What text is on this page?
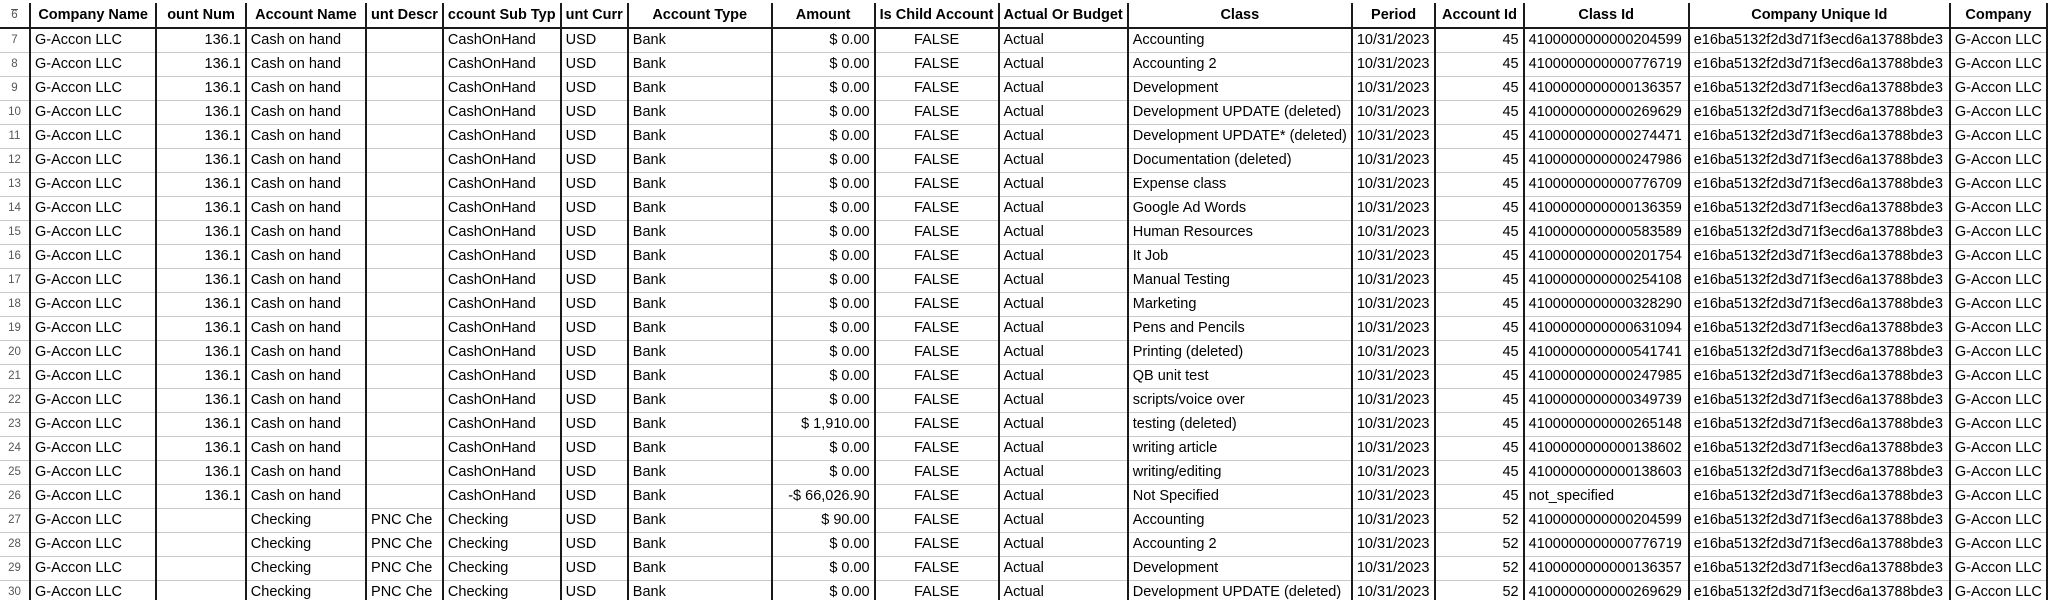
6	Company Name	ount Num	Account Name	unt Descr	ccount Sub Typ	unt Curr	Account Type	Amount	Is Child Account	Actual Or Budget	Class	Period	Account Id	Class Id	Company Unique Id	Company
7	G-Accon LLC	136.1	Cash on hand		CashOnHand	USD	Bank	$ 0.00	FALSE	Actual	Accounting	10/31/2023	45	4100000000000204599	e16ba5132f2d3d71f3ecd6a13788bde3	G-Accon LLC
8	G-Accon LLC	136.1	Cash on hand		CashOnHand	USD	Bank	$ 0.00	FALSE	Actual	Accounting 2	10/31/2023	45	4100000000000776719	e16ba5132f2d3d71f3ecd6a13788bde3	G-Accon LLC
9	G-Accon LLC	136.1	Cash on hand		CashOnHand	USD	Bank	$ 0.00	FALSE	Actual	Development	10/31/2023	45	4100000000000136357	e16ba5132f2d3d71f3ecd6a13788bde3	G-Accon LLC
10	G-Accon LLC	136.1	Cash on hand		CashOnHand	USD	Bank	$ 0.00	FALSE	Actual	Development UPDATE (deleted)	10/31/2023	45	4100000000000269629	e16ba5132f2d3d71f3ecd6a13788bde3	G-Accon LLC
11	G-Accon LLC	136.1	Cash on hand		CashOnHand	USD	Bank	$ 0.00	FALSE	Actual	Development UPDATE* (deleted)	10/31/2023	45	4100000000000274471	e16ba5132f2d3d71f3ecd6a13788bde3	G-Accon LLC
12	G-Accon LLC	136.1	Cash on hand		CashOnHand	USD	Bank	$ 0.00	FALSE	Actual	Documentation (deleted)	10/31/2023	45	4100000000000247986	e16ba5132f2d3d71f3ecd6a13788bde3	G-Accon LLC
13	G-Accon LLC	136.1	Cash on hand		CashOnHand	USD	Bank	$ 0.00	FALSE	Actual	Expense class	10/31/2023	45	4100000000000776709	e16ba5132f2d3d71f3ecd6a13788bde3	G-Accon LLC
14	G-Accon LLC	136.1	Cash on hand		CashOnHand	USD	Bank	$ 0.00	FALSE	Actual	Google Ad Words	10/31/2023	45	4100000000000136359	e16ba5132f2d3d71f3ecd6a13788bde3	G-Accon LLC
15	G-Accon LLC	136.1	Cash on hand		CashOnHand	USD	Bank	$ 0.00	FALSE	Actual	Human Resources	10/31/2023	45	4100000000000583589	e16ba5132f2d3d71f3ecd6a13788bde3	G-Accon LLC
16	G-Accon LLC	136.1	Cash on hand		CashOnHand	USD	Bank	$ 0.00	FALSE	Actual	It Job	10/31/2023	45	4100000000000201754	e16ba5132f2d3d71f3ecd6a13788bde3	G-Accon LLC
17	G-Accon LLC	136.1	Cash on hand		CashOnHand	USD	Bank	$ 0.00	FALSE	Actual	Manual Testing	10/31/2023	45	4100000000000254108	e16ba5132f2d3d71f3ecd6a13788bde3	G-Accon LLC
18	G-Accon LLC	136.1	Cash on hand		CashOnHand	USD	Bank	$ 0.00	FALSE	Actual	Marketing	10/31/2023	45	4100000000000328290	e16ba5132f2d3d71f3ecd6a13788bde3	G-Accon LLC
19	G-Accon LLC	136.1	Cash on hand		CashOnHand	USD	Bank	$ 0.00	FALSE	Actual	Pens and Pencils	10/31/2023	45	4100000000000631094	e16ba5132f2d3d71f3ecd6a13788bde3	G-Accon LLC
20	G-Accon LLC	136.1	Cash on hand		CashOnHand	USD	Bank	$ 0.00	FALSE	Actual	Printing (deleted)	10/31/2023	45	4100000000000541741	e16ba5132f2d3d71f3ecd6a13788bde3	G-Accon LLC
21	G-Accon LLC	136.1	Cash on hand		CashOnHand	USD	Bank	$ 0.00	FALSE	Actual	QB unit test	10/31/2023	45	4100000000000247985	e16ba5132f2d3d71f3ecd6a13788bde3	G-Accon LLC
22	G-Accon LLC	136.1	Cash on hand		CashOnHand	USD	Bank	$ 0.00	FALSE	Actual	scripts/voice over	10/31/2023	45	4100000000000349739	e16ba5132f2d3d71f3ecd6a13788bde3	G-Accon LLC
23	G-Accon LLC	136.1	Cash on hand		CashOnHand	USD	Bank	$ 1,910.00	FALSE	Actual	testing (deleted)	10/31/2023	45	4100000000000265148	e16ba5132f2d3d71f3ecd6a13788bde3	G-Accon LLC
24	G-Accon LLC	136.1	Cash on hand		CashOnHand	USD	Bank	$ 0.00	FALSE	Actual	writing article	10/31/2023	45	4100000000000138602	e16ba5132f2d3d71f3ecd6a13788bde3	G-Accon LLC
25	G-Accon LLC	136.1	Cash on hand		CashOnHand	USD	Bank	$ 0.00	FALSE	Actual	writing/editing	10/31/2023	45	4100000000000138603	e16ba5132f2d3d71f3ecd6a13788bde3	G-Accon LLC
26	G-Accon LLC	136.1	Cash on hand		CashOnHand	USD	Bank	-$ 66,026.90	FALSE	Actual	Not Specified	10/31/2023	45	not_specified	e16ba5132f2d3d71f3ecd6a13788bde3	G-Accon LLC
27	G-Accon LLC		Checking	PNC Che	Checking	USD	Bank	$ 90.00	FALSE	Actual	Accounting	10/31/2023	52	4100000000000204599	e16ba5132f2d3d71f3ecd6a13788bde3	G-Accon LLC
28	G-Accon LLC		Checking	PNC Che	Checking	USD	Bank	$ 0.00	FALSE	Actual	Accounting 2	10/31/2023	52	4100000000000776719	e16ba5132f2d3d71f3ecd6a13788bde3	G-Accon LLC
29	G-Accon LLC		Checking	PNC Che	Checking	USD	Bank	$ 0.00	FALSE	Actual	Development	10/31/2023	52	4100000000000136357	e16ba5132f2d3d71f3ecd6a13788bde3	G-Accon LLC
30	G-Accon LLC		Checking	PNC Che	Checking	USD	Bank	$ 0.00	FALSE	Actual	Development UPDATE (deleted)	10/31/2023	52	4100000000000269629	e16ba5132f2d3d71f3ecd6a13788bde3	G-Accon LLC
